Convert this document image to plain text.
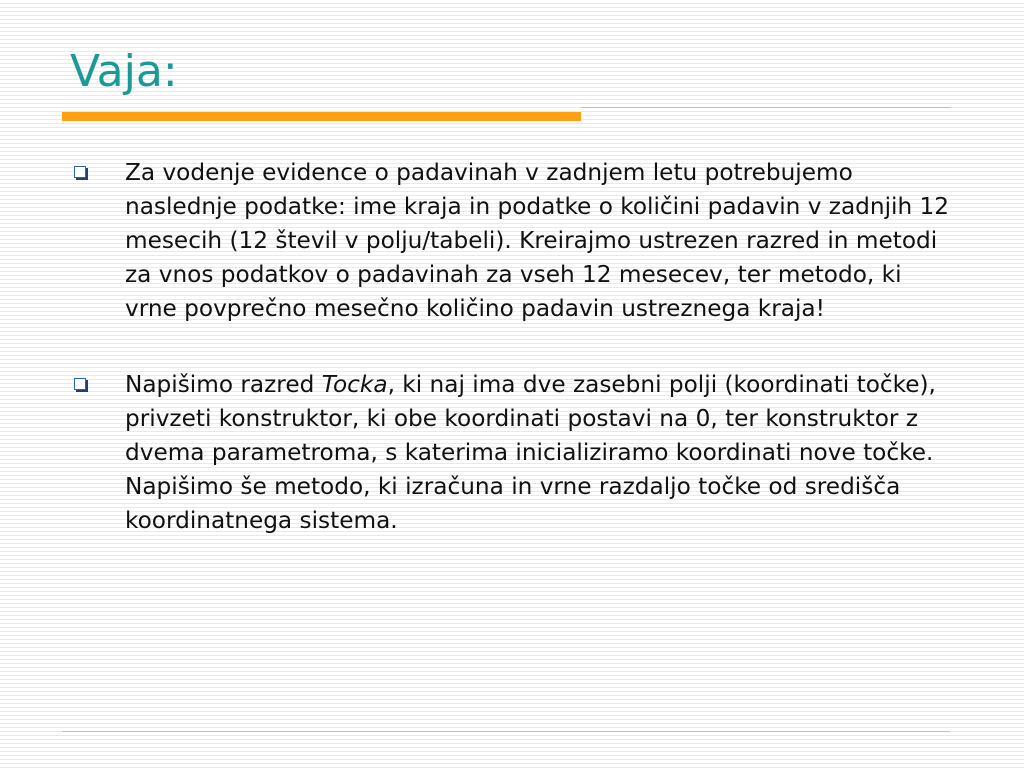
Vaja:

Za vodenje evidence o padavinah v zadnjem letu potrebujemo naslednje podatke: ime kraja in podatke o količini padavin v zadnjih 12 mesecih (12 števil v polju/tabeli). Kreirajmo ustrezen razred in metodi za vnos podatkov o padavinah za vseh 12 mesecev, ter metodo, ki vrne povprečno mesečno količino padavin ustreznega kraja!

Napišimo razred Tocka, ki naj ima dve zasebni polji (koordinati točke), privzeti konstruktor, ki obe koordinati postavi na 0, ter konstruktor z dvema parametroma, s katerima inicializiramo koordinati nove točke. Napišimo še metodo, ki izračuna in vrne razdaljo točke od središča koordinatnega sistema.
